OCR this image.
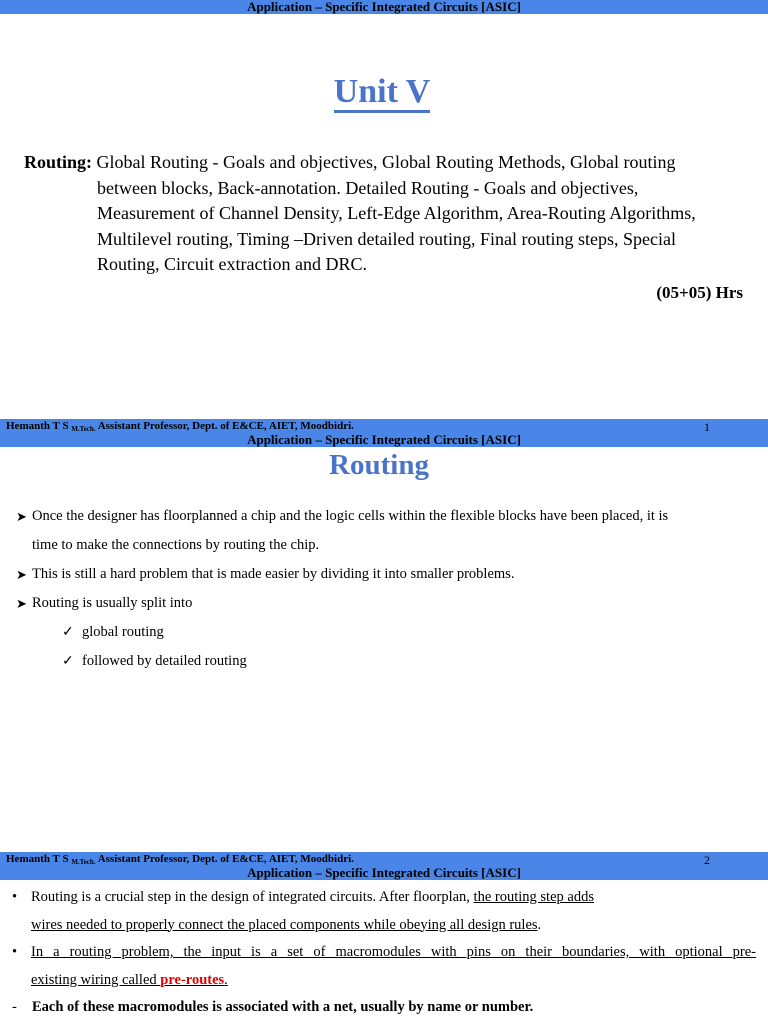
Application – Specific Integrated Circuits [ASIC]
Unit V
Routing: Global Routing - Goals and objectives, Global Routing Methods, Global routing
between blocks, Back-annotation. Detailed Routing - Goals and objectives,
Measurement of Channel Density, Left-Edge Algorithm, Area-Routing Algorithms,
Multilevel routing, Timing –Driven detailed routing, Final routing steps, Special
Routing, Circuit extraction and DRC.
(05+05) Hrs
Hemanth T S $_{M.Tech.}$ Assistant Professor, Dept. of E&CE, AIET, Moodbidri.	1
Application – Specific Integrated Circuits [ASIC]
Routing
➤ Once the designer has floorplanned a chip and the logic cells within the flexible blocks have been placed, it is
time to make the connections by routing the chip.
➤ This is still a hard problem that is made easier by dividing it into smaller problems.
➤ Routing is usually split into
✓ global routing
✓ followed by detailed routing
Hemanth T S $_{M.Tech.}$ Assistant Professor, Dept. of E&CE, AIET, Moodbidri.	2
Application – Specific Integrated Circuits [ASIC]
• Routing is a crucial step in the design of integrated circuits. After floorplan, the routing step adds
wires needed to properly connect the placed components while obeying all design rules.
• In a routing problem, the input is a set of macromodules with pins on their boundaries, with optional pre-
existing wiring called pre-routes.
- Each of these macromodules is associated with a net, usually by name or number.
